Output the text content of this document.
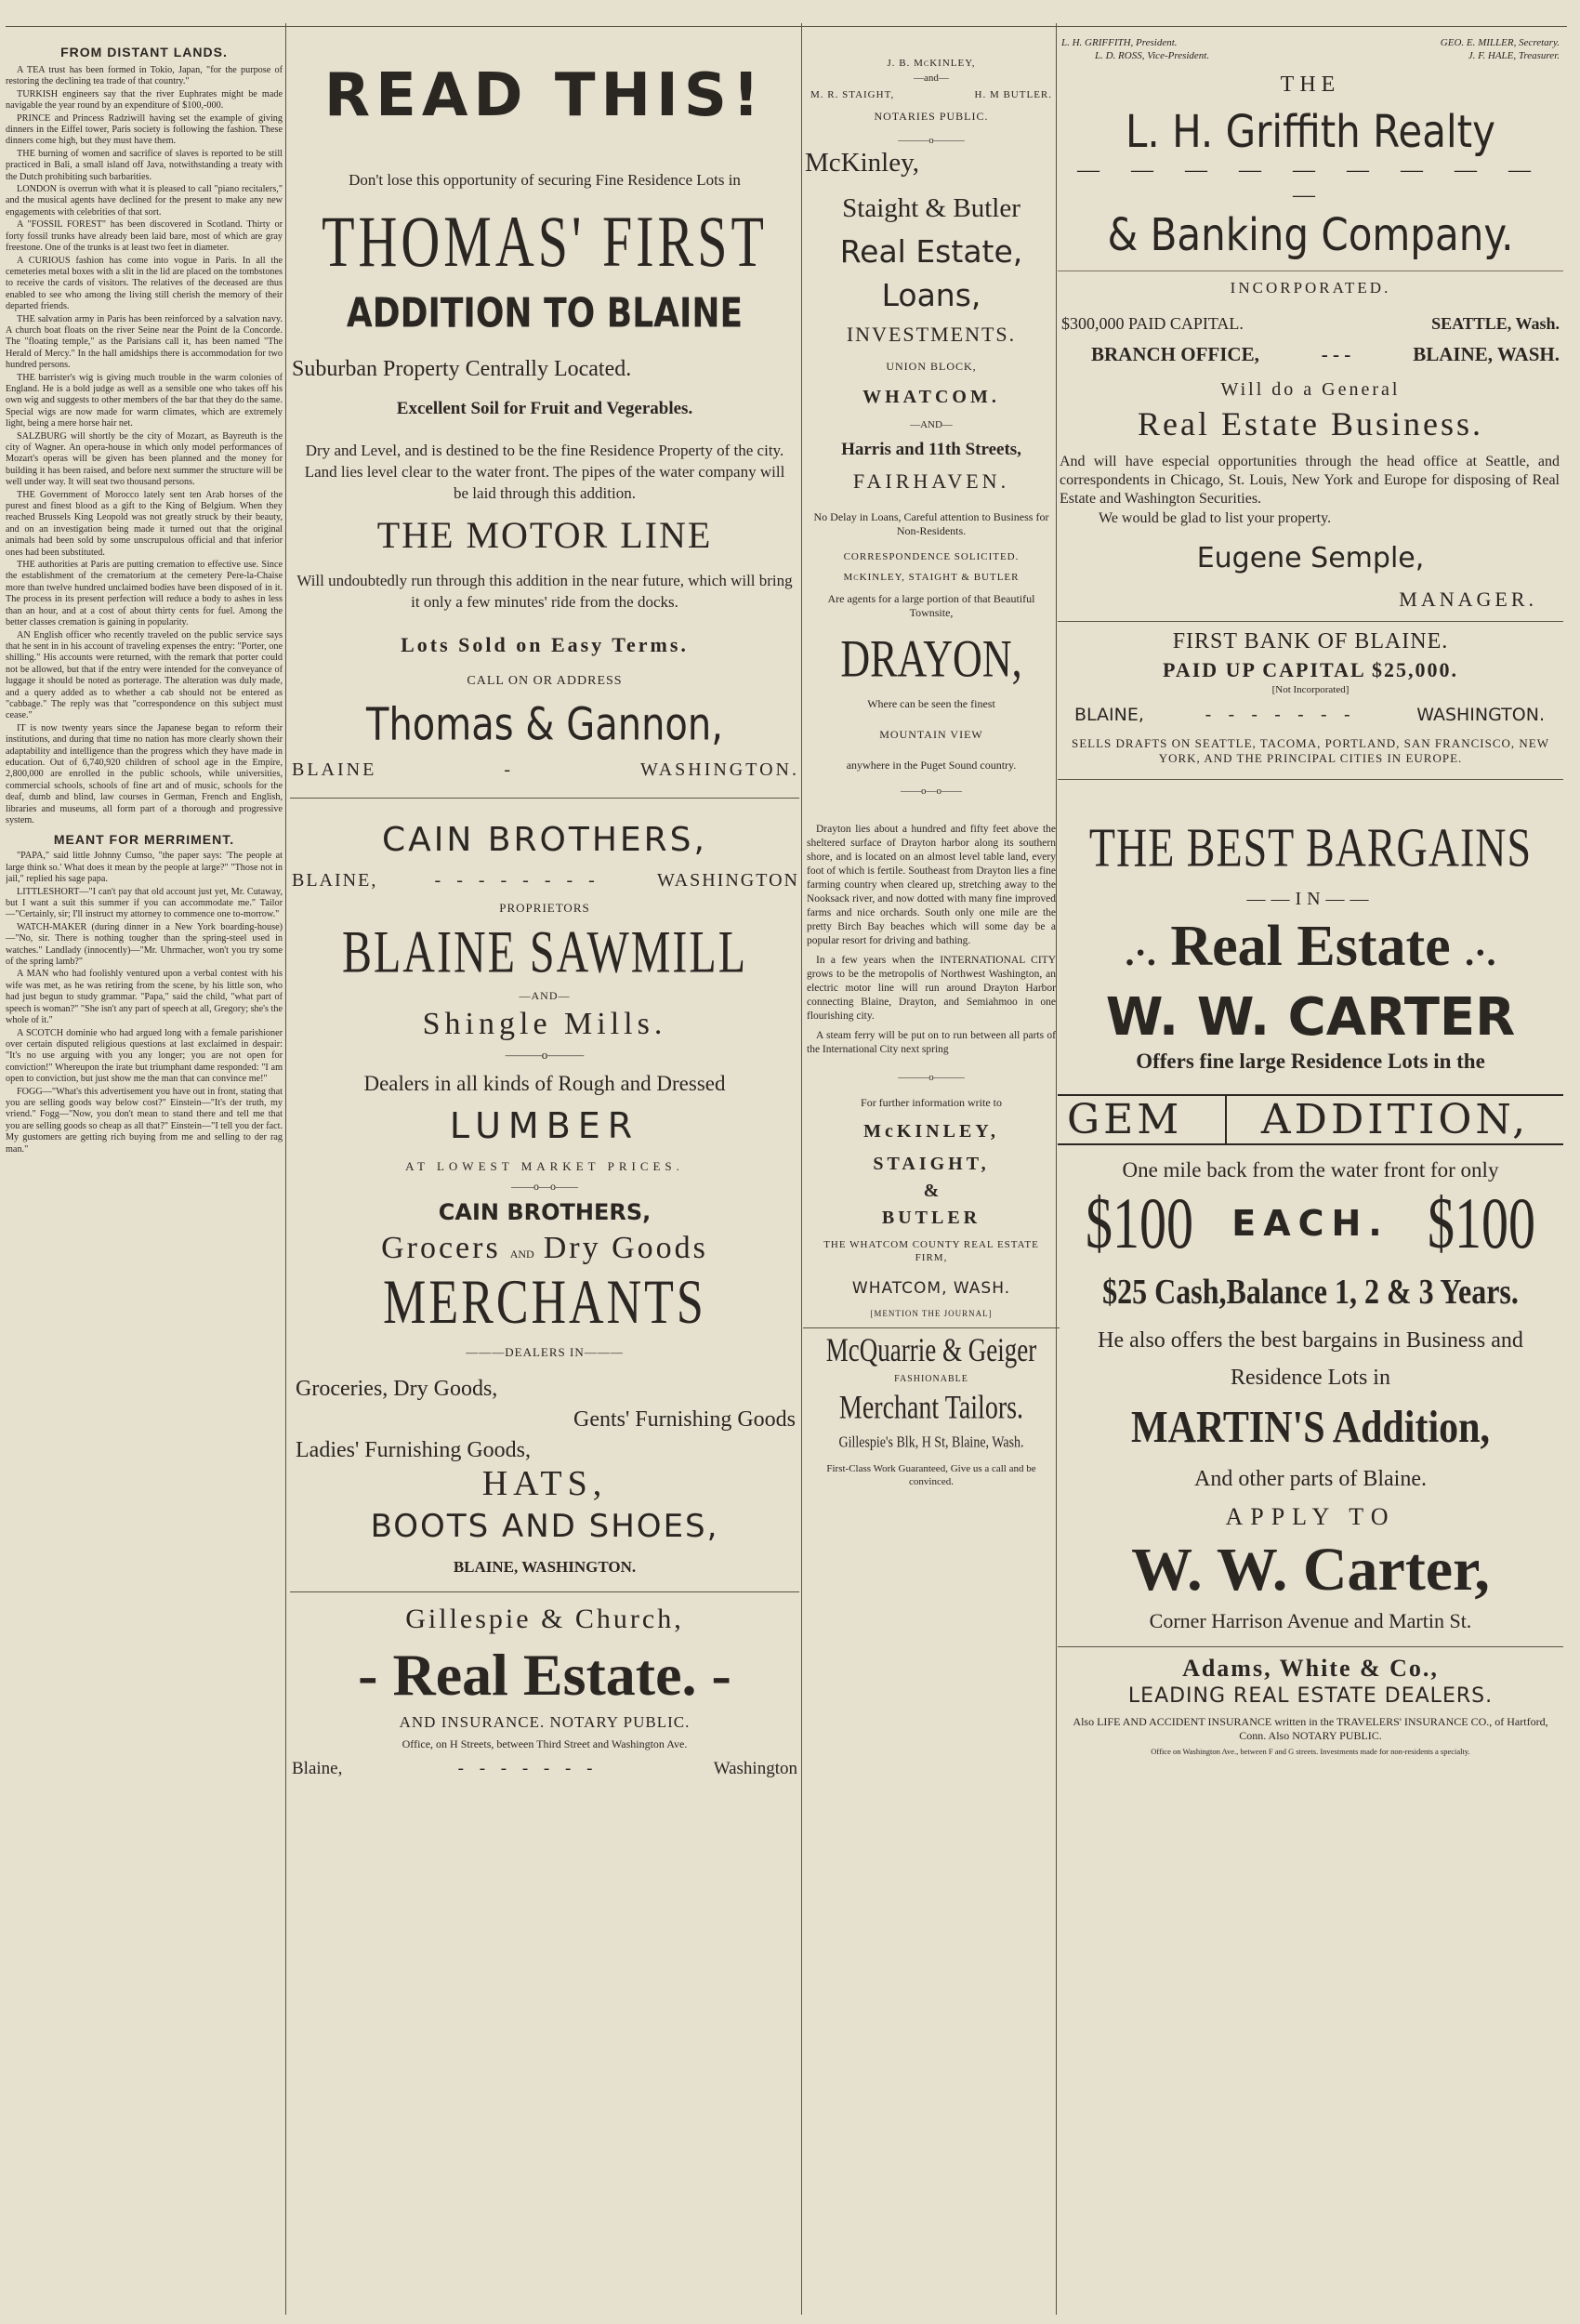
FROM DISTANT LANDS.

A TEA trust has been formed in Tokio, Japan, "for the purpose of restoring the declining tea trade of that country."

TURKISH engineers say that the river Euphrates might be made navigable the year round by an expenditure of $100,-000.

PRINCE and Princess Radziwill having set the example of giving dinners in the Eiffel tower, Paris society is following the fashion. These dinners come high, but they must have them.

THE burning of women and sacrifice of slaves is reported to be still practiced in Bali, a small island off Java, notwithstanding a treaty with the Dutch prohibiting such barbarities.

LONDON is overrun with what it is pleased to call "piano recitalers," and the musical agents have declined for the present to make any new engagements with celebrities of that sort.

A "FOSSIL FOREST" has been discovered in Scotland. Thirty or forty fossil trunks have already been laid bare, most of which are gray freestone. One of the trunks is at least two feet in diameter.

A CURIOUS fashion has come into vogue in Paris. In all the cemeteries metal boxes with a slit in the lid are placed on the tombstones to receive the cards of visitors. The relatives of the deceased are thus enabled to see who among the living still cherish the memory of their departed friends.

THE salvation army in Paris has been reinforced by a salvation navy. A church boat floats on the river Seine near the Point de la Concorde. The "floating temple," as the Parisians call it, has been named "The Herald of Mercy." In the hall amidships there is accommodation for two hundred persons.

THE barrister's wig is giving much trouble in the warm colonies of England. He is a bold judge as well as a sensible one who takes off his own wig and suggests to other members of the bar that they do the same. Special wigs are now made for warm climates, which are extremely light, being a mere horse hair net.

SALZBURG will shortly be the city of Mozart, as Bayreuth is the city of Wagner. An opera-house in which only model performances of Mozart's operas will be given has been planned and the money for building it has been raised, and before next summer the structure will be well under way. It will seat two thousand persons.

THE Government of Morocco lately sent ten Arab horses of the purest and finest blood as a gift to the King of Belgium. When they reached Brussels King Leopold was not greatly struck by their beauty, and on an investigation being made it turned out that the original animals had been sold by some unscrupulous official and that inferior ones had been substituted.

THE authorities at Paris are putting cremation to effective use. Since the establishment of the crematorium at the cemetery Pere-la-Chaise more than twelve hundred unclaimed bodies have been disposed of in it. The process in its present perfection will reduce a body to ashes in less than an hour, and at a cost of about thirty cents for fuel. Among the better classes cremation is gaining in popularity.

AN English officer who recently traveled on the public service says that he sent in in his account of traveling expenses the entry: "Porter, one shilling." His accounts were returned, with the remark that porter could not be allowed, but that if the entry were intended for the conveyance of luggage it should be noted as porterage. The alteration was duly made, and a query added as to whether a cab should not be entered as "cabbage." The reply was that "correspondence on this subject must cease."

IT is now twenty years since the Japanese began to reform their institutions, and during that time no nation has more clearly shown their adaptability and intelligence than the progress which they have made in education. Out of 6,740,920 children of school age in the Empire, 2,800,000 are enrolled in the public schools, while universities, commercial schools, schools of fine art and of music, schools for the deaf, dumb and blind, law courses in German, French and English, libraries and museums, all form part of a thorough and progressive system.

MEANT FOR MERRIMENT.

"PAPA," said little Johnny Cumso, "the paper says: 'The people at large think so.' What does it mean by the people at large?" "Those not in jail," replied his sage papa.

LITTLESHORT—"I can't pay that old account just yet, Mr. Cutaway, but I want a suit this summer if you can accommodate me." Tailor—"Certainly, sir; I'll instruct my attorney to commence one to-morrow."

WATCH-MAKER (during dinner in a New York boarding-house)—"No, sir. There is nothing tougher than the spring-steel used in watches." Landlady (innocently)—"Mr. Uhrmacher, won't you try some of the spring lamb?"

A MAN who had foolishly ventured upon a verbal contest with his wife was met, as he was retiring from the scene, by his little son, who had just begun to study grammar. "Papa," said the child, "what part of speech is woman?" "She isn't any part of speech at all, Gregory; she's the whole of it."

A SCOTCH dominie who had argued long with a female parishioner over certain disputed religious questions at last exclaimed in despair: "It's no use arguing with you any longer; you are not open for conviction!" Whereupon the irate but triumphant dame responded: "I am open to conviction, but just show me the man that can convince me!"

FOGG—"What's this advertisement you have out in front, stating that you are selling goods way below cost?" Einstein—"It's der truth, my vriend." Fogg—"Now, you don't mean to stand there and tell me that you are selling goods so cheap as all that?" Einstein—"I tell you der fact. My gustomers are getting rich buying from me and selling to der rag man."

READ THIS!
Don't lose this opportunity of securing Fine Residence Lots in
THOMAS' FIRST
ADDITION TO BLAINE
Suburban Property Centrally Located.
Excellent Soil for Fruit and Vegerables.
Dry and Level, and is destined to be the fine Residence Property of the city. Land lies level clear to the water front. The pipes of the water company will be laid through this addition.
THE MOTOR LINE
Will undoubtedly run through this addition in the near future, which will bring it only a few minutes' ride from the docks.
Lots Sold on Easy Terms.
CALL ON OR ADDRESS
Thomas & Gannon,
BLAINE	-	WASHINGTON.
CAIN BROTHERS,
BLAINE,	- - - - - - - -	WASHINGTON
PROPRIETORS
BLAINE SAWMILL
—AND—
Shingle Mills.
———o———
Dealers in all kinds of Rough and Dressed
LUMBER
AT LOWEST MARKET PRICES.
——o—o——
CAIN BROTHERS,
Grocers AND Dry Goods
MERCHANTS
———DEALERS IN———
Groceries, Dry Goods,
Gents' Furnishing Goods
Ladies' Furnishing Goods,
HATS,
BOOTS AND SHOES,
BLAINE, WASHINGTON.
Gillespie & Church,
- Real Estate. -
AND INSURANCE. NOTARY PUBLIC.
Office, on H Streets, between Third Street and Washington Ave.
Blaine,	- - - - - - -	Washington
J. B. McKINLEY,
—and—
M. R. STAIGHT,	H. M BUTLER.
NOTARIES PUBLIC.
———o———
McKinley,
Staight & Butler
Real Estate,
Loans,
INVESTMENTS.
UNION BLOCK,
WHATCOM.
—AND—
Harris and 11th Streets,
FAIRHAVEN.
No Delay in Loans, Careful attention to Business for Non-Residents.
CORRESPONDENCE SOLICITED.
McKINLEY, STAIGHT & BUTLER
Are agents for a large portion of that Beautiful Townsite,
DRAYON,
Where can be seen the finest
MOUNTAIN VIEW
anywhere in the Puget Sound country.
——o—o——
Drayton lies about a hundred and fifty feet above the sheltered surface of Drayton harbor along its southern shore, and is located on an almost level table land, every foot of which is fertile. Southeast from Drayton lies a fine farming country when cleared up, stretching away to the Nooksack river, and now dotted with many fine improved farms and nice orchards. South only one mile are the pretty Birch Bay beaches which will some day be a popular resort for driving and bathing.
In a few years when the INTERNATIONAL CITY grows to be the metropolis of Northwest Washington, an electric motor line will run around Drayton Harbor connecting Blaine, Drayton, and Semiahmoo in one flourishing city.
A steam ferry will be put on to run between all parts of the International City next spring
———o———
For further information write to
McKINLEY,
STAIGHT,
&
BUTLER
THE WHATCOM COUNTY REAL ESTATE FIRM,
WHATCOM, WASH.
[MENTION THE JOURNAL]
McQuarrie & Geiger
FASHIONABLE
Merchant Tailors.
Gillespie's Blk, H St, Blaine, Wash.
First-Class Work Guaranteed, Give us a call and be convinced.
L. H. GRIFFITH, President.	GEO. E. MILLER, Secretary.
L. D. ROSS, Vice-President.	J. F. HALE, Treasurer.
THE
L. H. Griffith Realty
— — — — — — — — — —
& Banking Company.
INCORPORATED.
$300,000 PAID CAPITAL.	SEATTLE, Wash.
BRANCH OFFICE,	- - -	BLAINE, WASH.
Will do a General
Real Estate Business.
And will have especial opportunities through the head office at Seattle, and correspondents in Chicago, St. Louis, New York and Europe for disposing of Real Estate and Washington Securities.
We would be glad to list your property.
Eugene Semple,
MANAGER.
FIRST BANK OF BLAINE.
PAID UP CAPITAL $25,000.
[Not Incorporated]
BLAINE,	- - - - - - -	WASHINGTON.
SELLS DRAFTS ON SEATTLE, TACOMA, PORTLAND, SAN FRANCISCO, NEW YORK, AND THE PRINCIPAL CITIES IN EUROPE.
THE BEST BARGAINS
——IN——
.·. Real Estate .·.
W. W. CARTER
Offers fine large Residence Lots in the
GEM	ADDITION,
One mile back from the water front for only
$100 EACH. $100
$25 Cash,Balance 1, 2 & 3 Years.
He also offers the best bargains in Business and Residence Lots in
MARTIN'S Addition,
And other parts of Blaine.
APPLY TO
W. W. Carter,
Corner Harrison Avenue and Martin St.
Adams, White & Co.,
LEADING REAL ESTATE DEALERS.
Also LIFE AND ACCIDENT INSURANCE written in the TRAVELERS' INSURANCE CO., of Hartford, Conn. Also NOTARY PUBLIC.
Office on Washington Ave., between F and G streets. Investments made for non-residents a specialty.
